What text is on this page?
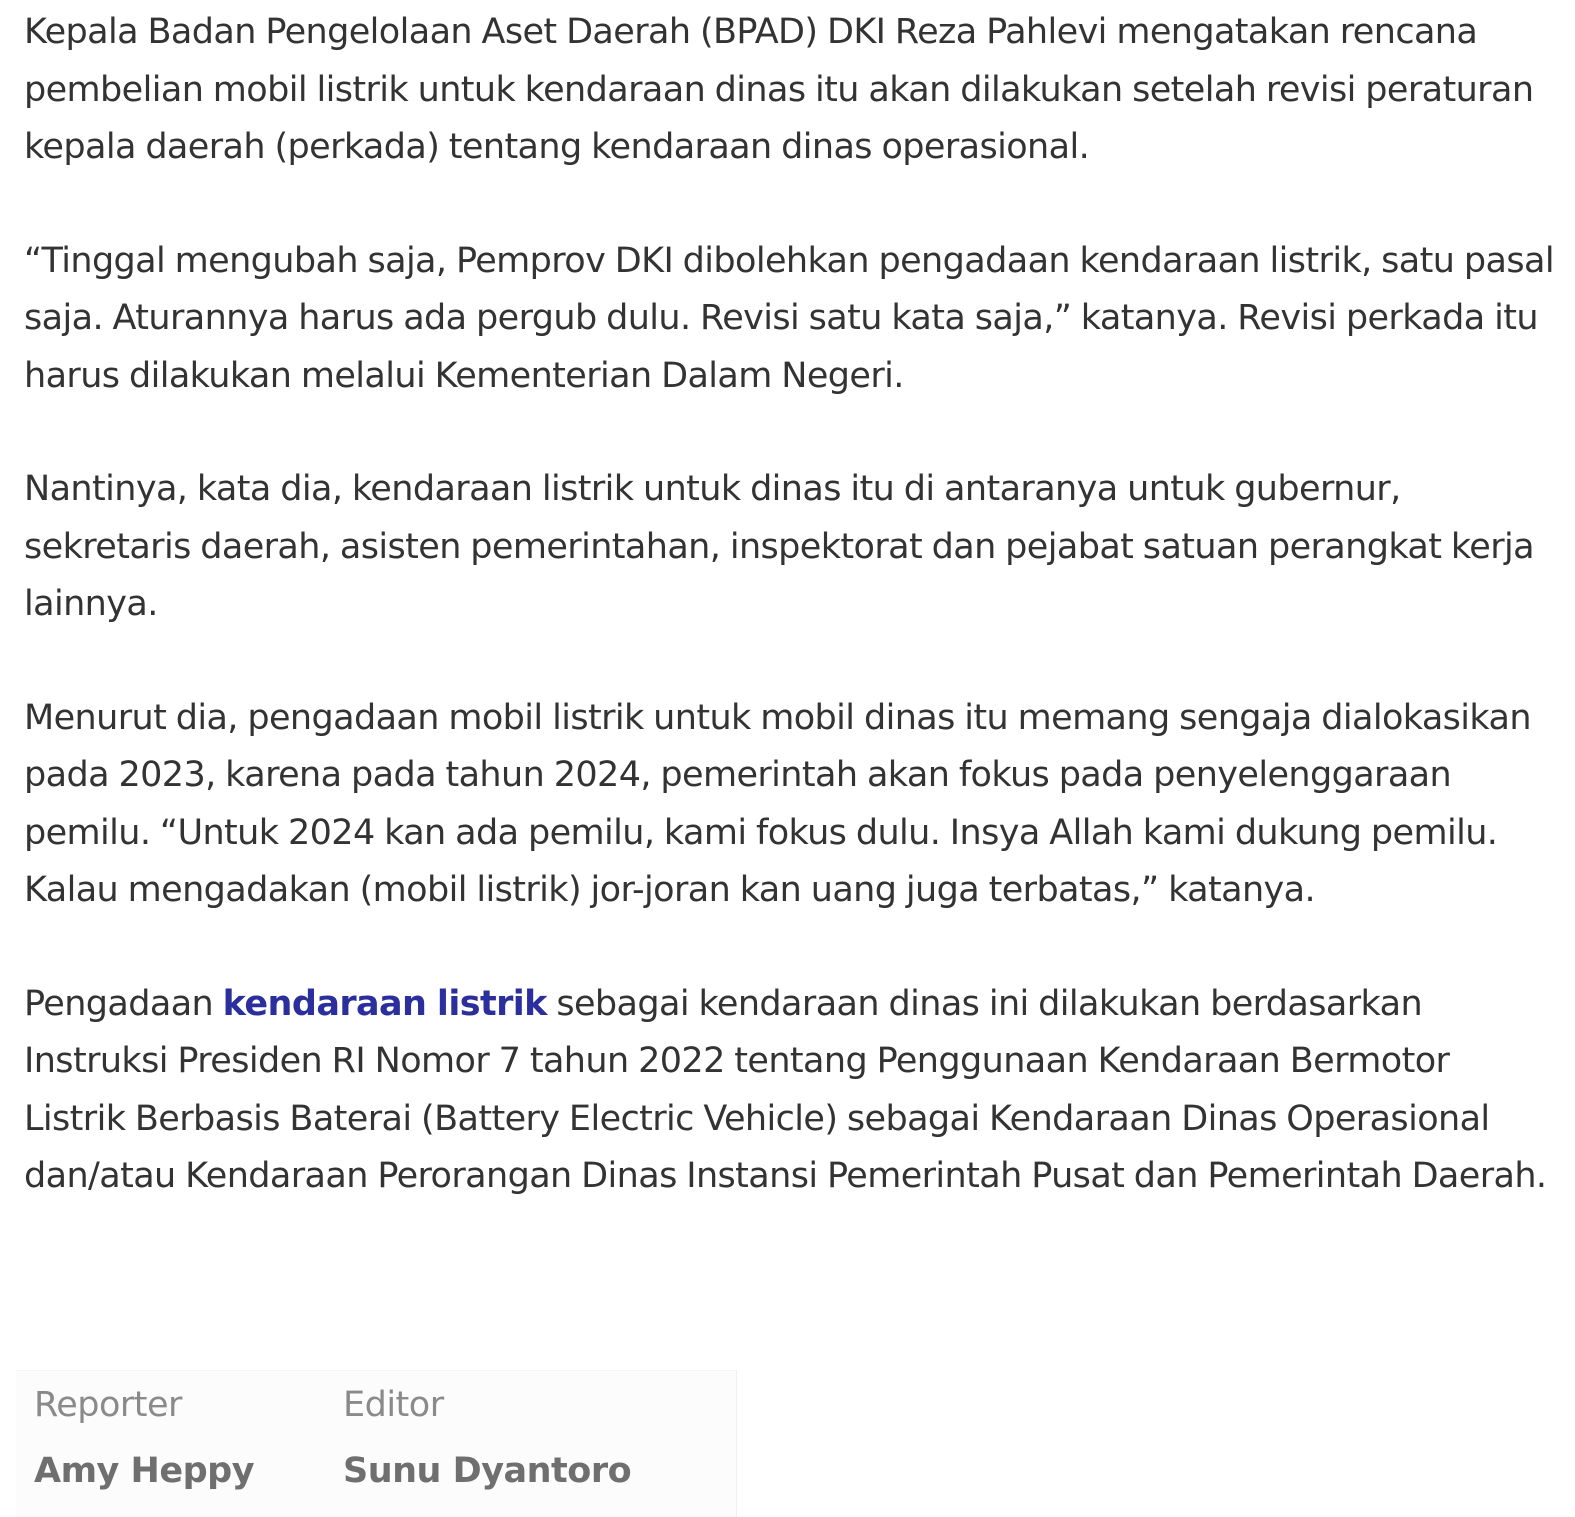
Kepala Badan Pengelolaan Aset Daerah (BPAD) DKI Reza Pahlevi mengatakan rencana pembelian mobil listrik untuk kendaraan dinas itu akan dilakukan setelah revisi peraturan kepala daerah (perkada) tentang kendaraan dinas operasional.

“Tinggal mengubah saja, Pemprov DKI dibolehkan pengadaan kendaraan listrik, satu pasal saja. Aturannya harus ada pergub dulu. Revisi satu kata saja,” katanya. Revisi perkada itu harus dilakukan melalui Kementerian Dalam Negeri.

Nantinya, kata dia, kendaraan listrik untuk dinas itu di antaranya untuk gubernur, sekretaris daerah, asisten pemerintahan, inspektorat dan pejabat satuan perangkat kerja lainnya.

Menurut dia, pengadaan mobil listrik untuk mobil dinas itu memang sengaja dialokasikan pada 2023, karena pada tahun 2024, pemerintah akan fokus pada penyelenggaraan pemilu. “Untuk 2024 kan ada pemilu, kami fokus dulu. Insya Allah kami dukung pemilu. Kalau mengadakan (mobil listrik) jor-joran kan uang juga terbatas,” katanya.

Pengadaan kendaraan listrik sebagai kendaraan dinas ini dilakukan berdasarkan Instruksi Presiden RI Nomor 7 tahun 2022 tentang Penggunaan Kendaraan Bermotor Listrik Berbasis Baterai (Battery Electric Vehicle) sebagai Kendaraan Dinas Operasional dan/atau Kendaraan Perorangan Dinas Instansi Pemerintah Pusat dan Pemerintah Daerah.

Reporter
Amy Heppy
Editor
Sunu Dyantoro
